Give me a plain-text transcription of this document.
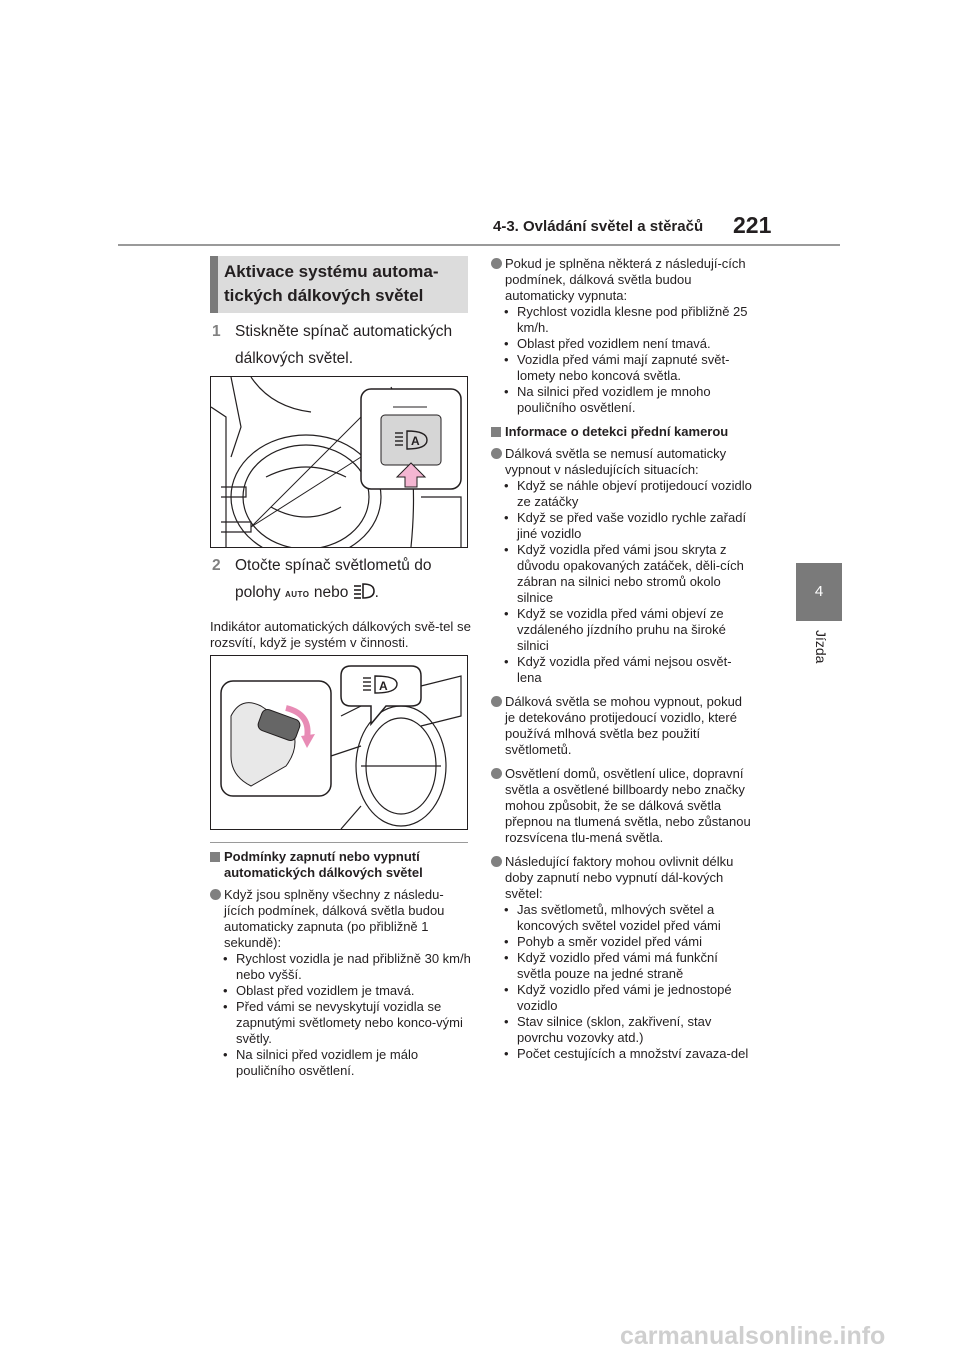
4-3. Ovládání světel a stěračů 221
4
Jízda
Aktivace systému automa-tických dálkových světel
1 Stiskněte spínač automatických dálkových světel.
A
2 Otočte spínač světlometů do polohy AUTO nebo .
Indikátor automatických dálkových svě-tel se rozsvítí, když je systém v činnosti.
A
Podmínky zapnutí nebo vypnutí automatických dálkových světel
Když jsou splněny všechny z následu-jících podmínek, dálková světla budou automaticky zapnuta (po přibližně 1 sekundě):
• Rychlost vozidla je nad přibližně 30 km/h nebo vyšší.
• Oblast před vozidlem je tmavá.
• Před vámi se nevyskytují vozidla se zapnutými světlomety nebo konco-vými světly.
• Na silnici před vozidlem je málo pouličního osvětlení.
Pokud je splněna některá z následují-cích podmínek, dálková světla budou automaticky vypnuta:
• Rychlost vozidla klesne pod přibližně 25 km/h.
• Oblast před vozidlem není tmavá.
• Vozidla před vámi mají zapnuté svět-lomety nebo koncová světla.
• Na silnici před vozidlem je mnoho pouličního osvětlení.
Informace o detekci přední kamerou
Dálková světla se nemusí automaticky vypnout v následujících situacích:
• Když se náhle objeví protijedoucí vozidlo ze zatáčky
• Když se před vaše vozidlo rychle zařadí jiné vozidlo
• Když vozidla před vámi jsou skryta z důvodu opakovaných zatáček, děli-cích zábran na silnici nebo stromů okolo silnice
• Když se vozidla před vámi objeví ze vzdáleného jízdního pruhu na široké silnici
• Když vozidla před vámi nejsou osvět-lena
Dálková světla se mohou vypnout, pokud je detekováno protijedoucí vozidlo, které používá mlhová světla bez použití světlometů.
Osvětlení domů, osvětlení ulice, dopravní světla a osvětlené billboardy nebo značky mohou způsobit, že se dálková světla přepnou na tlumená světla, nebo zůstanou rozsvícena tlu-mená světla.
Následující faktory mohou ovlivnit délku doby zapnutí nebo vypnutí dál-kových světel:
• Jas světlometů, mlhových světel a koncových světel vozidel před vámi
• Pohyb a směr vozidel před vámi
• Když vozidlo před vámi má funkční světla pouze na jedné straně
• Když vozidlo před vámi je jednostopé vozidlo
• Stav silnice (sklon, zakřivení, stav povrchu vozovky atd.)
• Počet cestujících a množství zavaza-del
carmanualsonline.info
